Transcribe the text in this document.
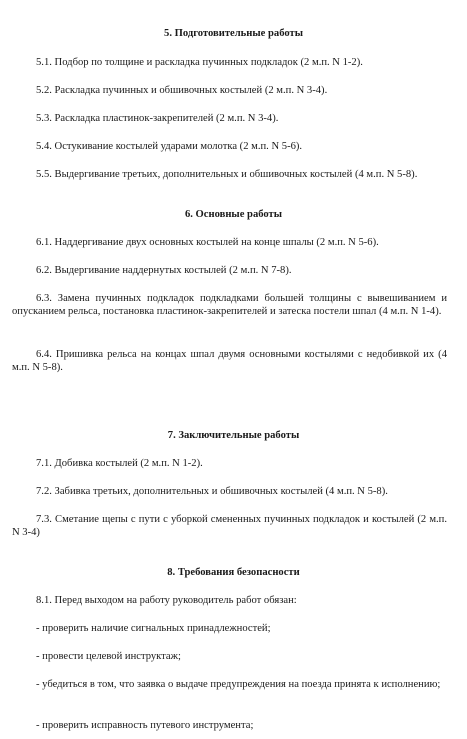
5. Подготовительные работы
5.1. Подбор по толщине и раскладка пучинных подкладок (2 м.п. N 1-2).
5.2. Раскладка пучинных и обшивочных костылей (2 м.п. N 3-4).
5.3. Раскладка пластинок-закрепителей (2 м.п. N 3-4).
5.4. Остукивание костылей ударами молотка (2 м.п. N 5-6).
5.5. Выдергивание третьих, дополнительных и обшивочных костылей (4 м.п. N 5-8).
6. Основные работы
6.1. Наддергивание двух основных костылей на конце шпалы (2 м.п. N 5-6).
6.2. Выдергивание наддернутых костылей (2 м.п. N 7-8).
6.3. Замена пучинных подкладок подкладками большей толщины с вывешиванием и опусканием рельса, постановка пластинок-закрепителей и затеска постели шпал (4 м.п. N 1-4).
6.4. Пришивка рельса на концах шпал двумя основными костылями с недобивкой их (4 м.п. N 5-8).
7. Заключительные работы
7.1. Добивка костылей (2 м.п. N 1-2).
7.2. Забивка третьих, дополнительных и обшивочных костылей (4 м.п. N 5-8).
7.3. Сметание щепы с пути с уборкой смененных пучинных подкладок и костылей (2 м.п. N 3-4)
8. Требования безопасности
8.1. Перед выходом на работу руководитель работ обязан:
- проверить наличие сигнальных принадлежностей;
- провести целевой инструктаж;
- убедиться в том, что заявка о выдаче предупреждения на поезда принята к исполнению;
- проверить исправность путевого инструмента;
